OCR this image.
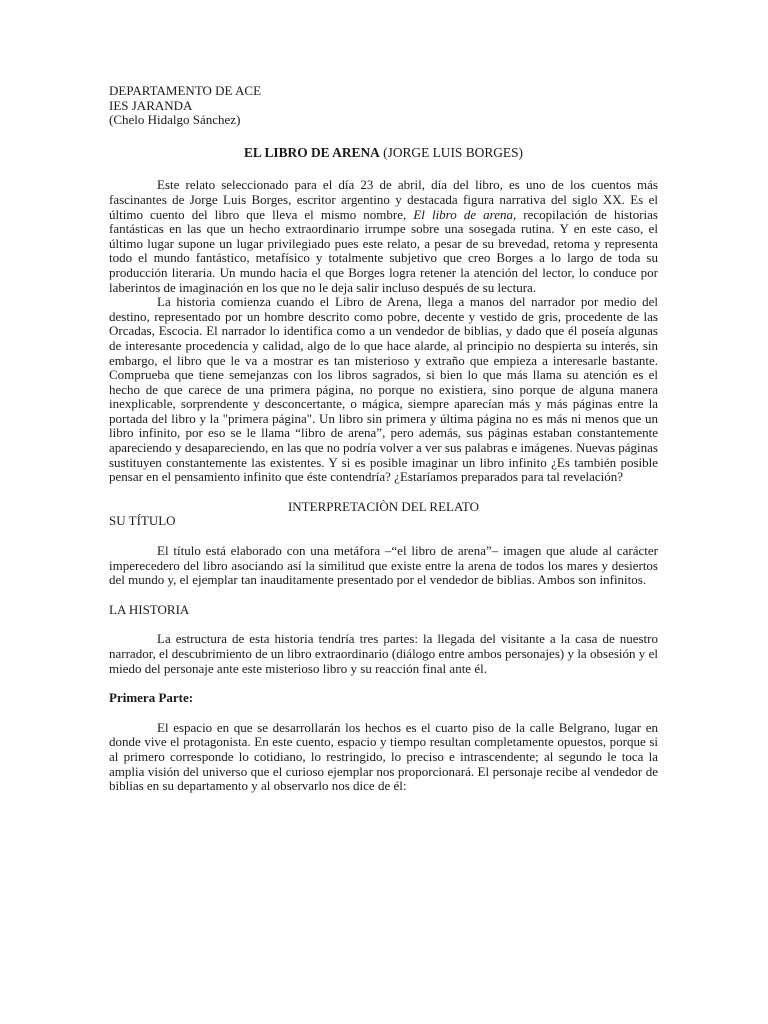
DEPARTAMENTO DE ACE
IES JARANDA
(Chelo Hidalgo Sánchez)
EL LIBRO DE ARENA (JORGE LUIS BORGES)

Este relato seleccionado para el día 23 de abril, día del libro, es uno de los cuentos más fascinantes de Jorge Luis Borges, escritor argentino y destacada figura narrativa del siglo XX. Es el último cuento del libro que lleva el mismo nombre, El libro de arena, recopilación de historias fantásticas en las que un hecho extraordinario irrumpe sobre una sosegada rutina. Y en este caso, el último lugar supone un lugar privilegiado pues este relato, a pesar de su brevedad, retoma y representa todo el mundo fantástico, metafísico y totalmente subjetivo que creo Borges a lo largo de toda su producción literaria. Un mundo hacia el que Borges logra retener la atención del lector, lo conduce por laberintos de imaginación en los que no le deja salir incluso después de su lectura.

La historia comienza cuando el Libro de Arena, llega a manos del narrador por medio del destino, representado por un hombre descrito como pobre, decente y vestido de gris, procedente de las Orcadas, Escocia. El narrador lo identifica como a un vendedor de biblias, y dado que él poseía algunas de interesante procedencia y calidad, algo de lo que hace alarde, al principio no despierta su interés, sin embargo, el libro que le va a mostrar es tan misterioso y extraño que empieza a interesarle bastante. Comprueba que tiene semejanzas con los libros sagrados, si bien lo que más llama su atención es el hecho de que carece de una primera página, no porque no existiera, sino porque de alguna manera inexplicable, sorprendente y desconcertante, o mágica, siempre aparecían más y más páginas entre la portada del libro y la "primera página". Un libro sin primera y última página no es más ni menos que un libro infinito, por eso se le llama “libro de arena”, pero además, sus páginas estaban constantemente apareciendo y desapareciendo, en las que no podría volver a ver sus palabras e imágenes. Nuevas páginas sustituyen constantemente las existentes. Y si es posible imaginar un libro infinito ¿Es también posible pensar en el pensamiento infinito que éste contendría? ¿Estaríamos preparados para tal revelación?

INTERPRETACIÒN DEL RELATO
SU TÍTULO

El título está elaborado con una metáfora –“el libro de arena”– imagen que alude al carácter imperecedero del libro asociando así la similitud que existe entre la arena de todos los mares y desiertos del mundo y, el ejemplar tan inauditamente presentado por el vendedor de biblias. Ambos son infinitos.

LA HISTORIA

La estructura de esta historia tendría tres partes: la llegada del visitante a la casa de nuestro narrador, el descubrimiento de un libro extraordinario (diálogo entre ambos personajes) y la obsesión y el miedo del personaje ante este misterioso libro y su reacción final ante él.

Primera Parte:

El espacio en que se desarrollarán los hechos es el cuarto piso de la calle Belgrano, lugar en donde vive el protagonista. En este cuento, espacio y tiempo resultan completamente opuestos, porque si al primero corresponde lo cotidiano, lo restringido, lo preciso e intrascendente; al segundo le toca la amplia visión del universo que el curioso ejemplar nos proporcionará. El personaje recibe al vendedor de biblias en su departamento y al observarlo nos dice de él:
